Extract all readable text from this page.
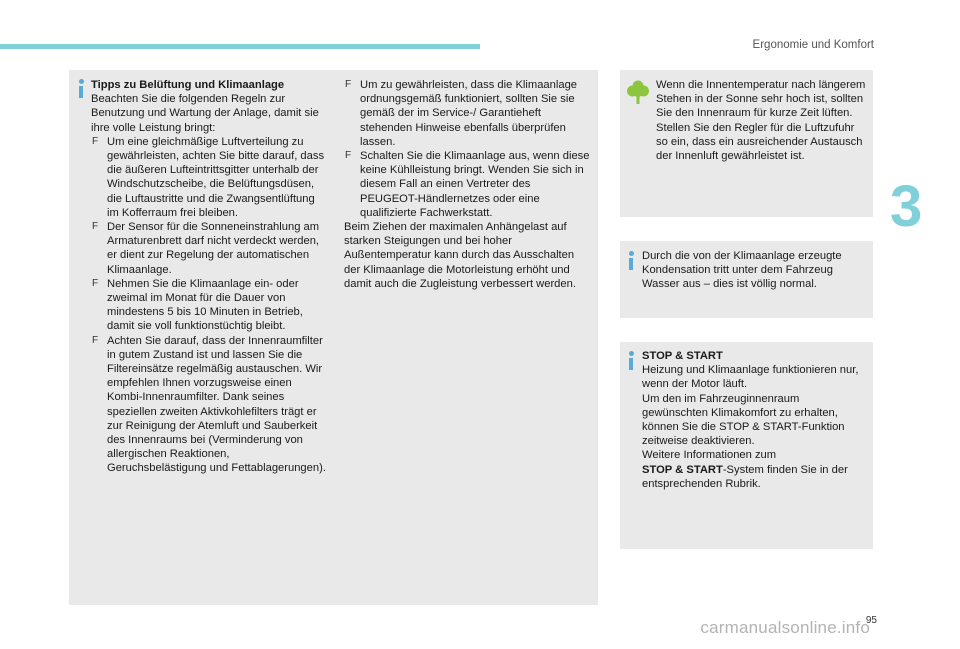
Ergonomie und Komfort
3

Tipps zu Belüftung und Klimaanlage

Beachten Sie die folgenden Regeln zur Benutzung und Wartung der Anlage, damit sie ihre volle Leistung bringt:

F Um eine gleichmäßige Luftverteilung zu gewährleisten, achten Sie bitte darauf, dass die äußeren Lufteintrittsgitter unterhalb der Windschutzscheibe, die Belüftungsdüsen, die Luftaustritte und die Zwangsentlüftung im Kofferraum frei bleiben.
F Der Sensor für die Sonneneinstrahlung am Armaturenbrett darf nicht verdeckt werden, er dient zur Regelung der automatischen Klimaanlage.
F Nehmen Sie die Klimaanlage ein- oder zweimal im Monat für die Dauer von mindestens 5 bis 10 Minuten in Betrieb, damit sie voll funktionstüchtig bleibt.
F Achten Sie darauf, dass der Innenraumfilter in gutem Zustand ist und lassen Sie die Filtereinsätze regelmäßig austauschen. Wir empfehlen Ihnen vorzugsweise einen Kombi-Innenraumfilter. Dank seines speziellen zweiten Aktivkohlefilters trägt er zur Reinigung der Atemluft und Sauberkeit des Innenraums bei (Verminderung von allergischen Reaktionen, Geruchsbelästigung und Fettablagerungen).
F Um zu gewährleisten, dass die Klimaanlage ordnungsgemäß funktioniert, sollten Sie sie gemäß der im Service-/ Garantieheft stehenden Hinweise ebenfalls überprüfen lassen.
F Schalten Sie die Klimaanlage aus, wenn diese keine Kühlleistung bringt. Wenden Sie sich in diesem Fall an einen Vertreter des PEUGEOT-Händlernetzes oder eine qualifizierte Fachwerkstatt.

Beim Ziehen der maximalen Anhängelast auf starken Steigungen und bei hoher Außentemperatur kann durch das Ausschalten der Klimaanlage die Motorleistung erhöht und damit auch die Zugleistung verbessert werden.

Wenn die Innentemperatur nach längerem Stehen in der Sonne sehr hoch ist, sollten Sie den Innenraum für kurze Zeit lüften.

Stellen Sie den Regler für die Luftzufuhr so ein, dass ein ausreichender Austausch der Innenluft gewährleistet ist.

Durch die von der Klimaanlage erzeugte Kondensation tritt unter dem Fahrzeug Wasser aus – dies ist völlig normal.

STOP & START

Heizung und Klimaanlage funktionieren nur, wenn der Motor läuft.

Um den im Fahrzeuginnenraum gewünschten Klimakomfort zu erhalten, können Sie die STOP & START-Funktion zeitweise deaktivieren.

Weitere Informationen zum

STOP & START-System finden Sie in der entsprechenden Rubrik.

95
carmanualsonline.info
